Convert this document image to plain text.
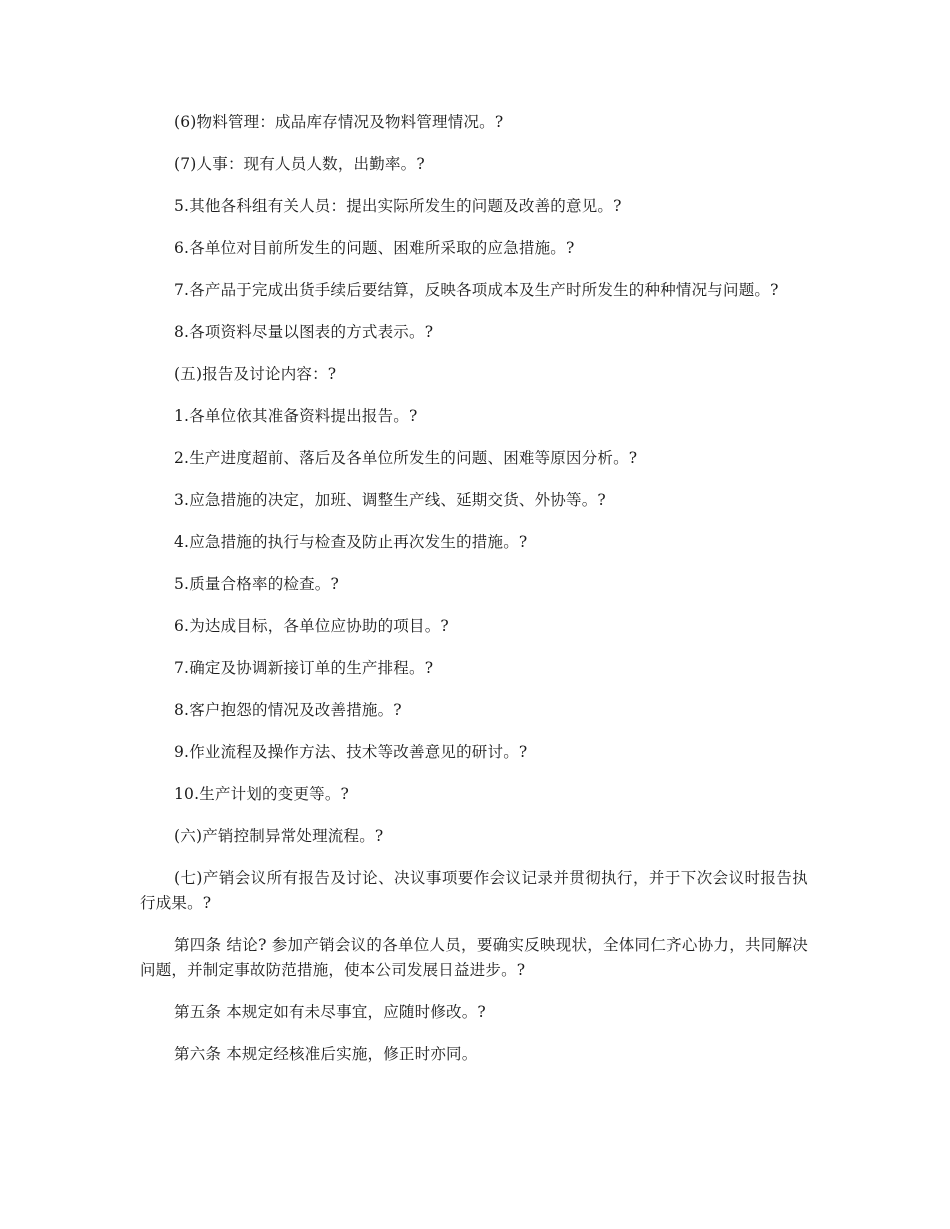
(6)物料管理：成品库存情况及物料管理情况。?

(7)人事：现有人员人数，出勤率。?

5.其他各科组有关人员：提出实际所发生的问题及改善的意见。?

6.各单位对目前所发生的问题、困难所采取的应急措施。?

7.各产品于完成出货手续后要结算，反映各项成本及生产时所发生的种种情况与问题。?

8.各项资料尽量以图表的方式表示。?

(五)报告及讨论内容：?

1.各单位依其准备资料提出报告。?

2.生产进度超前、落后及各单位所发生的问题、困难等原因分析。?

3.应急措施的决定，加班、调整生产线、延期交货、外协等。?

4.应急措施的执行与检查及防止再次发生的措施。?

5.质量合格率的检查。?

6.为达成目标，各单位应协助的项目。?

7.确定及协调新接订单的生产排程。?

8.客户抱怨的情况及改善措施。?

9.作业流程及操作方法、技术等改善意见的研讨。?

10.生产计划的变更等。?

(六)产销控制异常处理流程。?

(七)产销会议所有报告及讨论、决议事项要作会议记录并贯彻执行，并于下次会议时报告执行成果。?

第四条 结论? 参加产销会议的各单位人员，要确实反映现状，全体同仁齐心协力，共同解决问题，并制定事故防范措施，使本公司发展日益进步。?

第五条 本规定如有未尽事宜，应随时修改。?

第六条 本规定经核准后实施，修正时亦同。
